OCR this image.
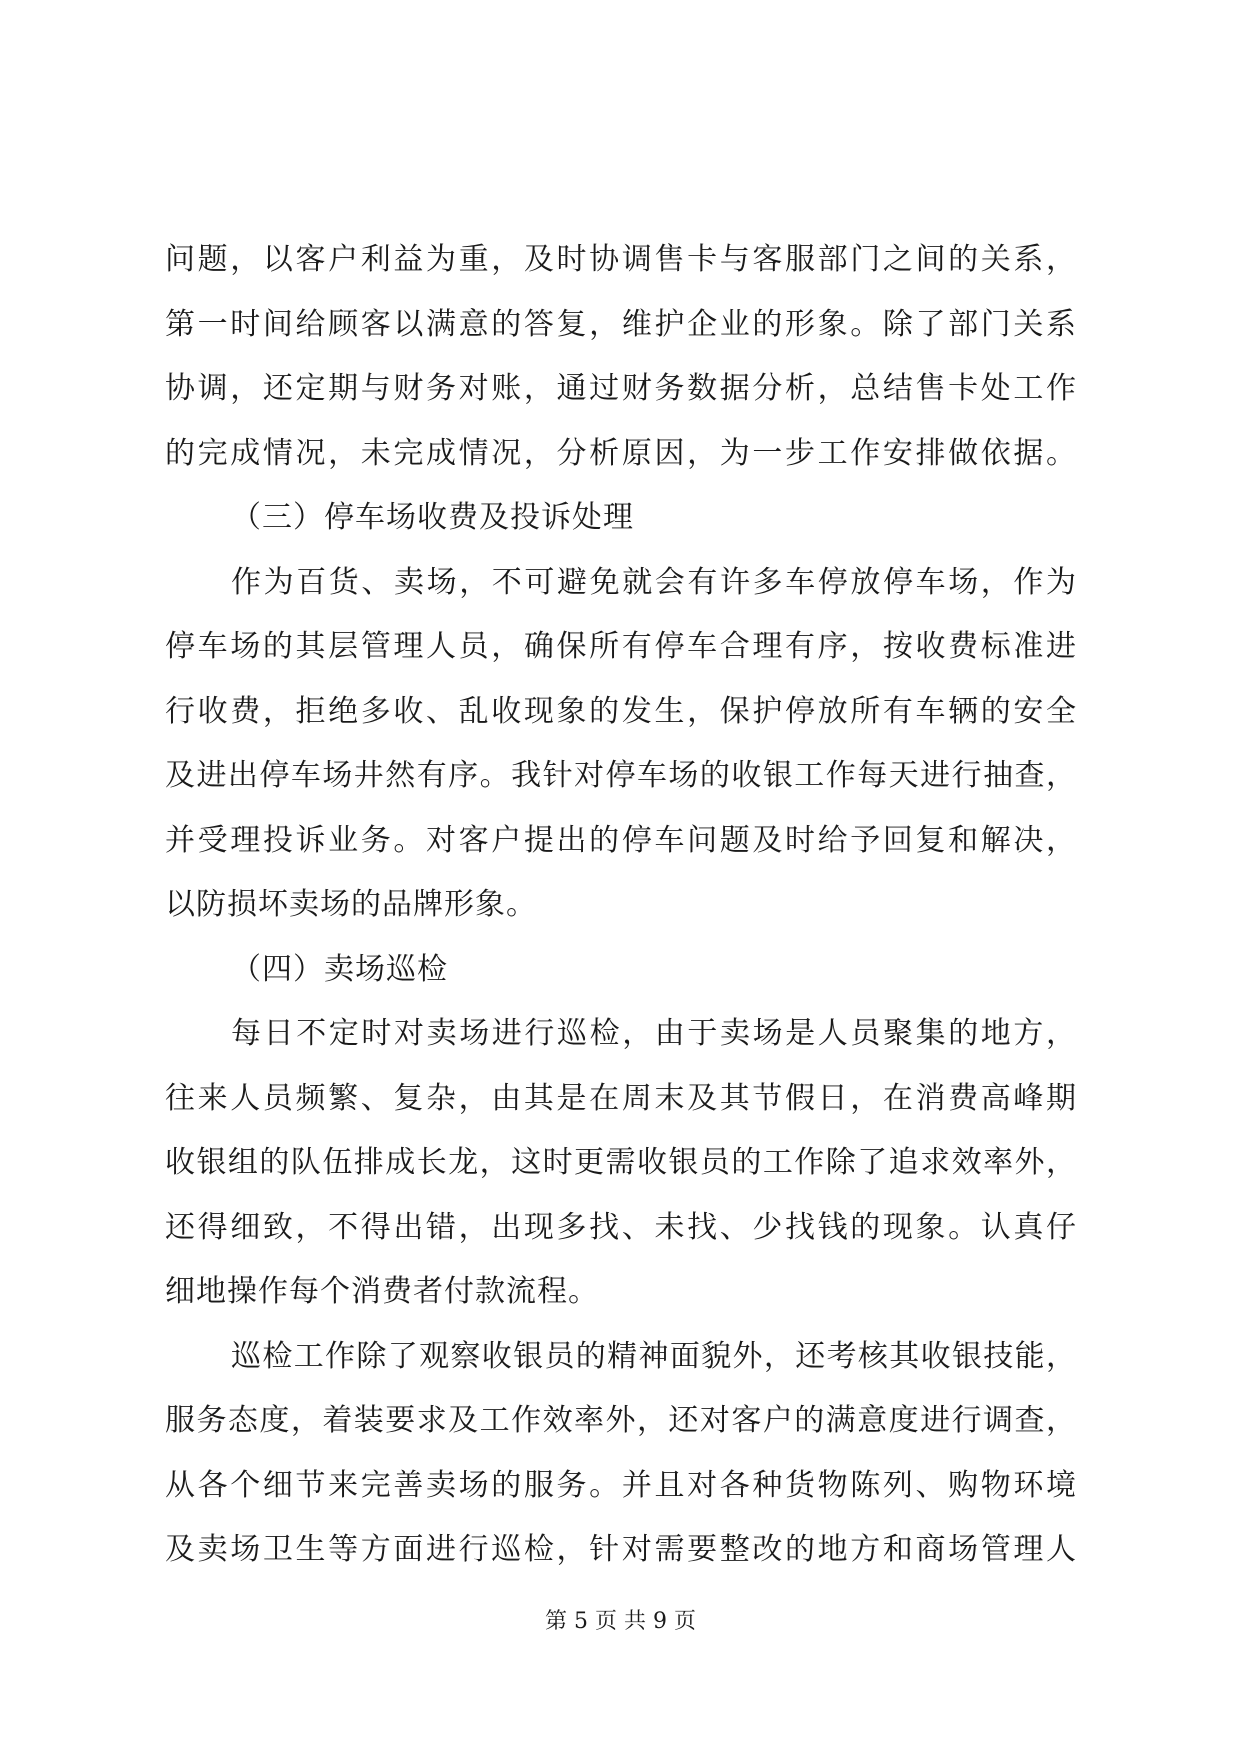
问题，以客户利益为重，及时协调售卡与客服部门之间的关系，
第一时间给顾客以满意的答复，维护企业的形象。除了部门关系
协调，还定期与财务对账，通过财务数据分析，总结售卡处工作
的完成情况，未完成情况，分析原因，为一步工作安排做依据。
（三）停车场收费及投诉处理
作为百货、卖场，不可避免就会有许多车停放停车场，作为
停车场的其层管理人员，确保所有停车合理有序，按收费标准进
行收费，拒绝多收、乱收现象的发生，保护停放所有车辆的安全
及进出停车场井然有序。我针对停车场的收银工作每天进行抽查，
并受理投诉业务。对客户提出的停车问题及时给予回复和解决，
以防损坏卖场的品牌形象。
（四）卖场巡检
每日不定时对卖场进行巡检，由于卖场是人员聚集的地方，
往来人员频繁、复杂，由其是在周末及其节假日，在消费高峰期
收银组的队伍排成长龙，这时更需收银员的工作除了追求效率外，
还得细致，不得出错，出现多找、未找、少找钱的现象。认真仔
细地操作每个消费者付款流程。
巡检工作除了观察收银员的精神面貌外，还考核其收银技能，
服务态度，着装要求及工作效率外，还对客户的满意度进行调查，
从各个细节来完善卖场的服务。并且对各种货物陈列、购物环境
及卖场卫生等方面进行巡检，针对需要整改的地方和商场管理人
第 5 页 共 9 页
